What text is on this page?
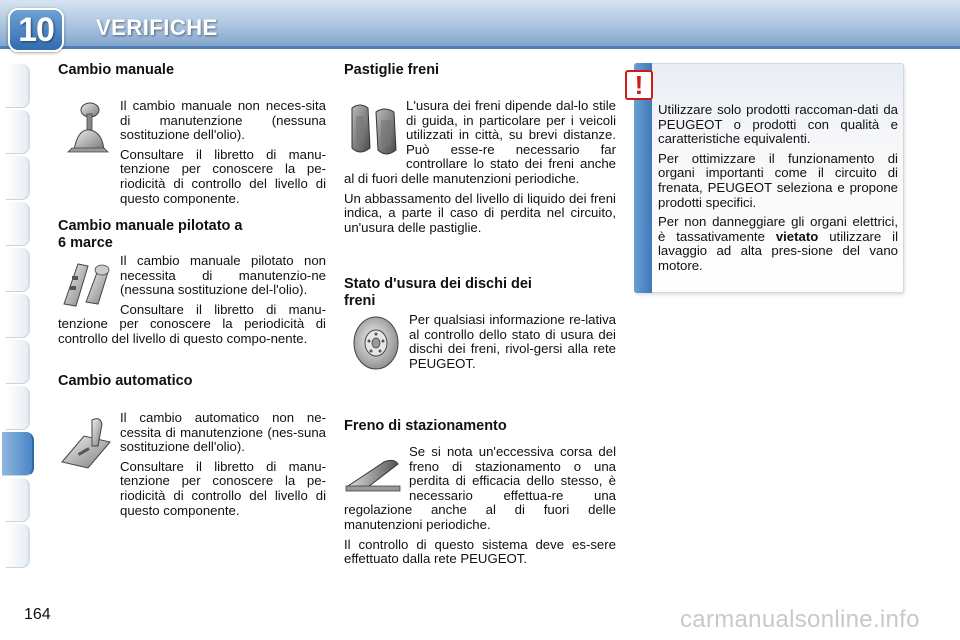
10 VERIFICHE
Cambio manuale

Il cambio manuale non neces-sita di manutenzione (nessuna sostituzione dell'olio).

Consultare il libretto di manu-tenzione per conoscere la pe-riodicità di controllo del livello di questo componente.

Cambio manuale pilotato a
6 marce

Il cambio manuale pilotato non necessita di manutenzio-ne (nessuna sostituzione del-l'olio).

Consultare il libretto di manu-tenzione per conoscere la periodicità di controllo del livello di questo compo-nente.

Cambio automatico

Il cambio automatico non ne-cessita di manutenzione (nes-suna sostituzione dell'olio).

Consultare il libretto di manu-tenzione per conoscere la pe-riodicità di controllo del livello di questo componente.

Pastiglie freni

L'usura dei freni dipende dal-lo stile di guida, in particolare per i veicoli utilizzati in città, su brevi distanze. Può esse-re necessario far controllare lo stato dei freni anche al di fuori delle manutenzioni periodiche.

Un abbassamento del livello di liquido dei freni indica, a parte il caso di perdita nel circuito, un'usura delle pastiglie.

Stato d'usura dei dischi dei
freni

Per qualsiasi informazione re-lativa al controllo dello stato di usura dei dischi dei freni, rivol-gersi alla rete PEUGEOT.

Freno di stazionamento

Se si nota un'eccessiva corsa del freno di stazionamento o una perdita di efficacia dello stesso, è necessario effettua-re una regolazione anche al di fuori delle manutenzioni periodiche.

Il controllo di questo sistema deve es-sere effettuato dalla rete PEUGEOT.

!

Utilizzare solo prodotti raccoman-dati da PEUGEOT o prodotti con qualità e caratteristiche equivalenti.

Per ottimizzare il funzionamento di organi importanti come il circuito di frenata, PEUGEOT seleziona e propone prodotti specifici.

Per non danneggiare gli organi elettrici, è tassativamente vietato utilizzare il lavaggio ad alta pres-sione del vano motore.

164	carmanualsonline.info
